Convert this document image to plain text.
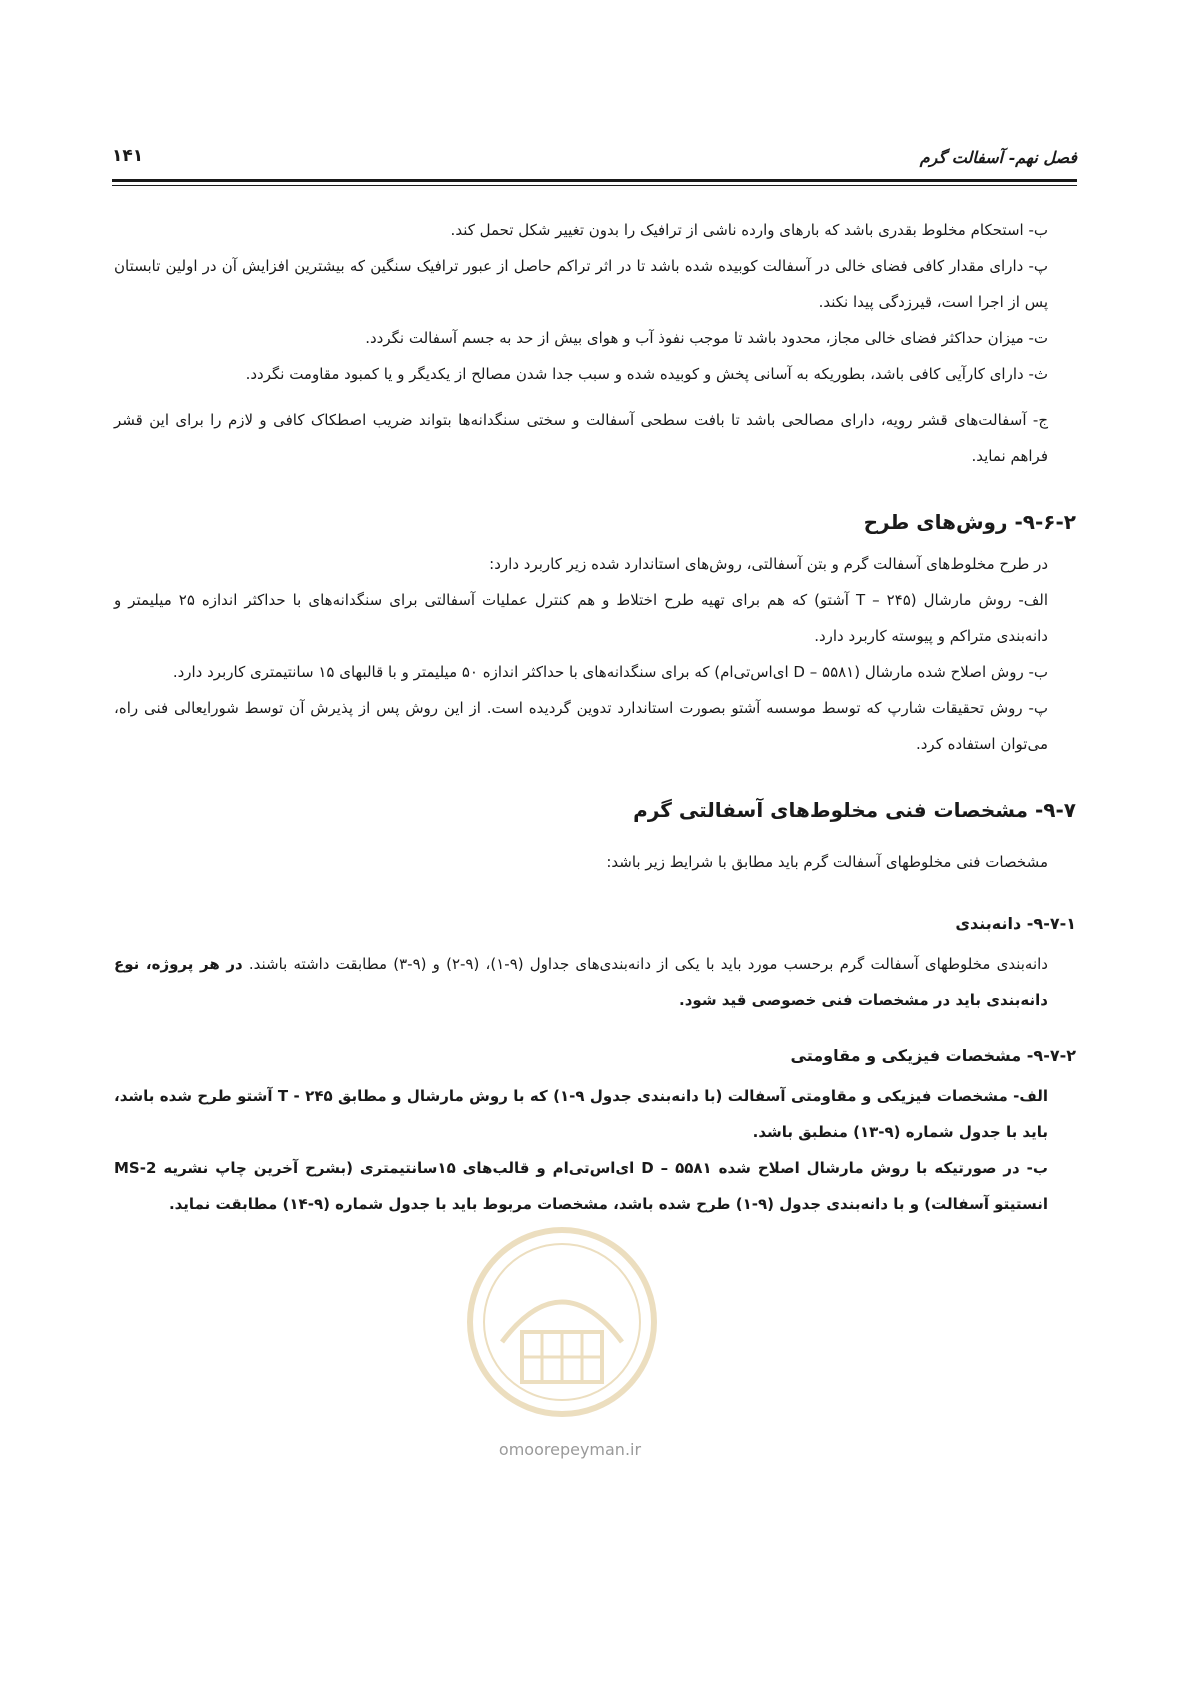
فصل نهم- آسفالت گرم
۱۴۱

ب- استحکام مخلوط بقدری باشد که بارهای وارده ناشی از ترافیک را بدون تغییر شکل تحمل کند.

پ- دارای مقدار کافی فضای خالی در آسفالت کوبیده شده باشد تا در اثر تراکم حاصل از عبور ترافیک سنگین که بیشترین افزایش آن در اولین تابستان پس از اجرا است، قیرزدگی پیدا نکند.

ت- میزان حداکثر فضای خالی مجاز، محدود باشد تا موجب نفوذ آب و هوای بیش از حد به جسم آسفالت نگردد.

ث- دارای کارآیی کافی باشد، بطوریکه به آسانی پخش و کوبیده شده و سبب جدا شدن مصالح از یکدیگر و یا کمبود مقاومت نگردد.

ج- آسفالت‌های قشر رویه، دارای مصالحی باشد تا بافت سطحی آسفالت و سختی سنگدانه‌ها بتواند ضریب اصطکاک کافی و لازم را برای این قشر فراهم نماید.

۹-۶-۲- روش‌های طرح

در طرح مخلوط‌های آسفالت گرم و بتن آسفالتی، روش‌های استاندارد شده زیر کاربرد دارد:

الف- روش مارشال (۲۴۵ – T آشتو) که هم برای تهیه طرح اختلاط و هم کنترل عملیات آسفالتی برای سنگدانه‌های با حداکثر اندازه ۲۵ میلیمتر و دانه‌بندی متراکم و پیوسته کاربرد دارد.

ب- روش اصلاح شده مارشال (۵۵۸۱ – D ای‌اس‌تی‌ام) که برای سنگدانه‌های با حداکثر اندازه ۵۰ میلیمتر و با قالبهای ۱۵ سانتیمتری کاربرد دارد.

پ- روش تحقیقات شارپ که توسط موسسه آشتو بصورت استاندارد تدوین گردیده است. از این روش پس از پذیرش آن توسط شورایعالی فنی راه، می‌توان استفاده کرد.

۹-۷- مشخصات فنی مخلوط‌های آسفالتی گرم

مشخصات فنی مخلوطهای آسفالت گرم باید مطابق با شرایط زیر باشد:

۹-۷-۱- دانه‌بندی

دانه‌بندی مخلوطهای آسفالت گرم برحسب مورد باید با یکی از دانه‌بندی‌های جداول (۹-۱)، (۹-۲) و (۹-۳) مطابقت داشته باشند. در هر پروژه، نوع دانه‌بندی باید در مشخصات فنی خصوصی قید شود.

۹-۷-۲- مشخصات فیزیکی و مقاومتی

الف- مشخصات فیزیکی و مقاومتی آسفالت (با دانه‌بندی جدول ۹-۱) که با روش مارشال و مطابق ۲۴۵ - T آشتو طرح شده باشد، باید با جدول شماره (۹-۱۳) منطبق باشد.

ب- در صورتیکه با روش مارشال اصلاح شده ۵۵۸۱ – D ای‌اس‌تی‌ام و قالب‌های ۱۵سانتیمتری (بشرح آخرین چاپ نشریه MS-2 انستیتو آسفالت) و با دانه‌بندی جدول (۹-۱) طرح شده باشد، مشخصات مربوط باید با جدول شماره (۹-۱۴) مطابقت نماید.

omoorepeyman.ir
